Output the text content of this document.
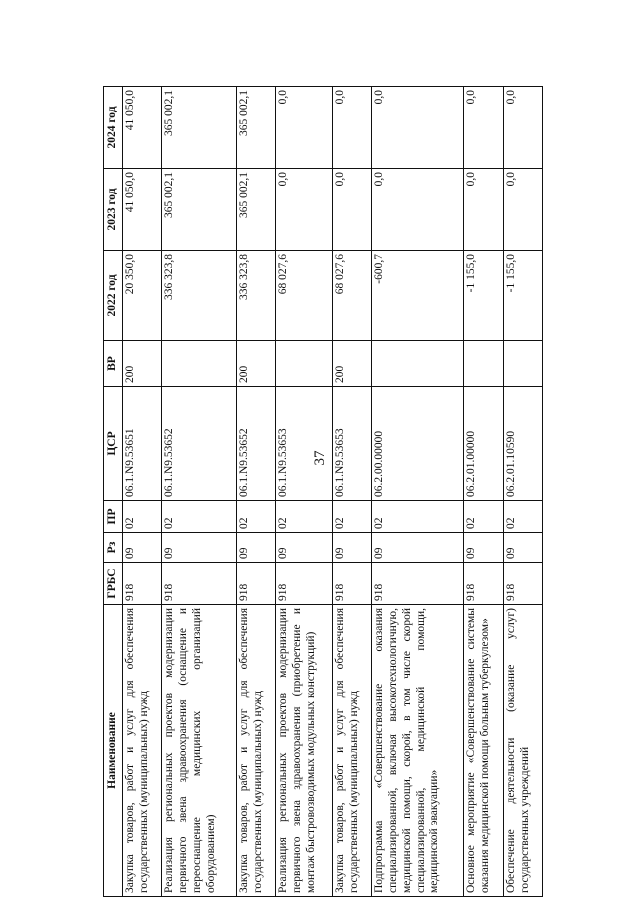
37
Наименование	ГРБС	Рз	ПР	ЦСР	ВР	2022 год	2023 год	2024 год
Закупка товаров, работ и услуг для обеспечения государственных (муниципальных) нужд	918	09	02	06.1.N9.53651	200	20 350,0	41 050,0	41 050,0
Реализация региональных проектов модернизации первичного звена здравоохранения (оснащение и переоснащение медицинских организаций оборудованием)	918	09	02	06.1.N9.53652		336 323,8	365 002,1	365 002,1
Закупка товаров, работ и услуг для обеспечения государственных (муниципальных) нужд	918	09	02	06.1.N9.53652	200	336 323,8	365 002,1	365 002,1
Реализация региональных проектов модернизации первичного звена здравоохранения (приобретение и монтаж быстровозводимых модульных конструкций)	918	09	02	06.1.N9.53653		68 027,6	0,0	0,0
Закупка товаров, работ и услуг для обеспечения государственных (муниципальных) нужд	918	09	02	06.1.N9.53653	200	68 027,6	0,0	0,0
Подпрограмма «Совершенствование оказания специализированной, включая высокотехнологичную, медицинской помощи, скорой, в том числе скорой специализированной, медицинской помощи, медицинской эвакуации»	918	09	02	06.2.00.00000		-600,7	0,0	0,0
Основное мероприятие «Совершенствование системы оказания медицинской помощи больным туберкулезом»	918	09	02	06.2.01.00000		-1 155,0	0,0	0,0
Обеспечение деятельности (оказание услуг) государственных учреждений	918	09	02	06.2.01.10590		-1 155,0	0,0	0,0
